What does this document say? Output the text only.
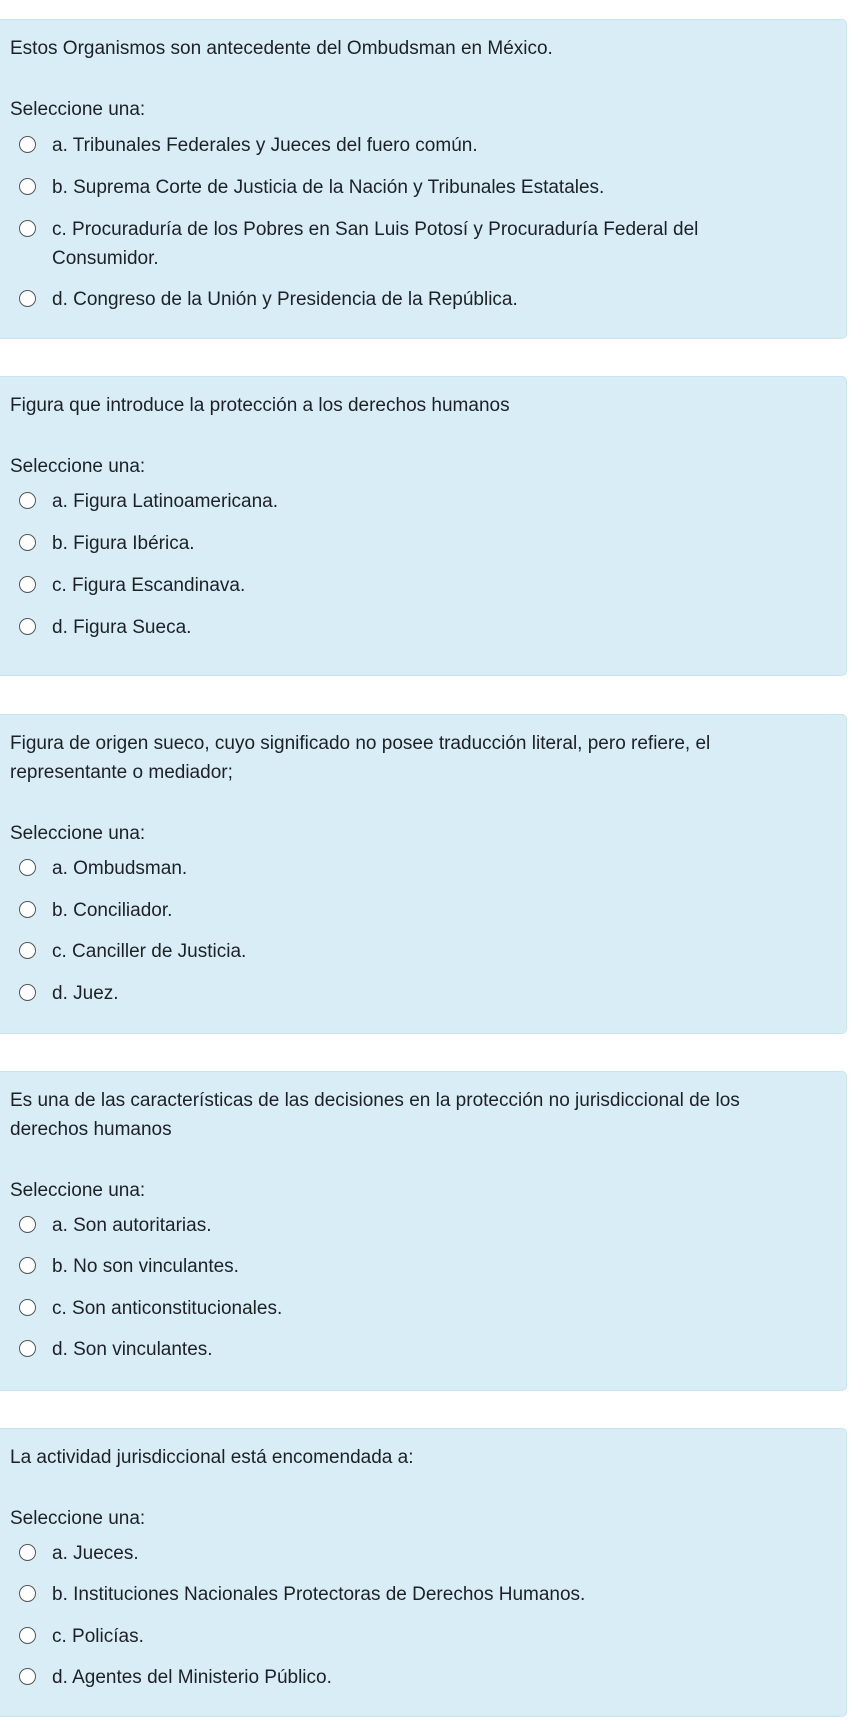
Estos Organismos son antecedente del Ombudsman en México.

Seleccione una:

a. Tribunales Federales y Jueces del fuero común.
b. Suprema Corte de Justicia de la Nación y Tribunales Estatales.
c. Procuraduría de los Pobres en San Luis Potosí y Procuraduría Federal del Consumidor.
d. Congreso de la Unión y Presidencia de la República.

Figura que introduce la protección a los derechos humanos

Seleccione una:

a. Figura Latinoamericana.
b. Figura Ibérica.
c. Figura Escandinava.
d. Figura Sueca.

Figura de origen sueco, cuyo significado no posee traducción literal, pero refiere, el representante o mediador;

Seleccione una:

a. Ombudsman.
b. Conciliador.
c. Canciller de Justicia.
d. Juez.

Es una de las características de las decisiones en la protección no jurisdiccional de los derechos humanos

Seleccione una:

a. Son autoritarias.
b. No son vinculantes.
c. Son anticonstitucionales.
d. Son vinculantes.

La actividad jurisdiccional está encomendada a:

Seleccione una:

a. Jueces.
b. Instituciones Nacionales Protectoras de Derechos Humanos.
c. Policías.
d. Agentes del Ministerio Público.
